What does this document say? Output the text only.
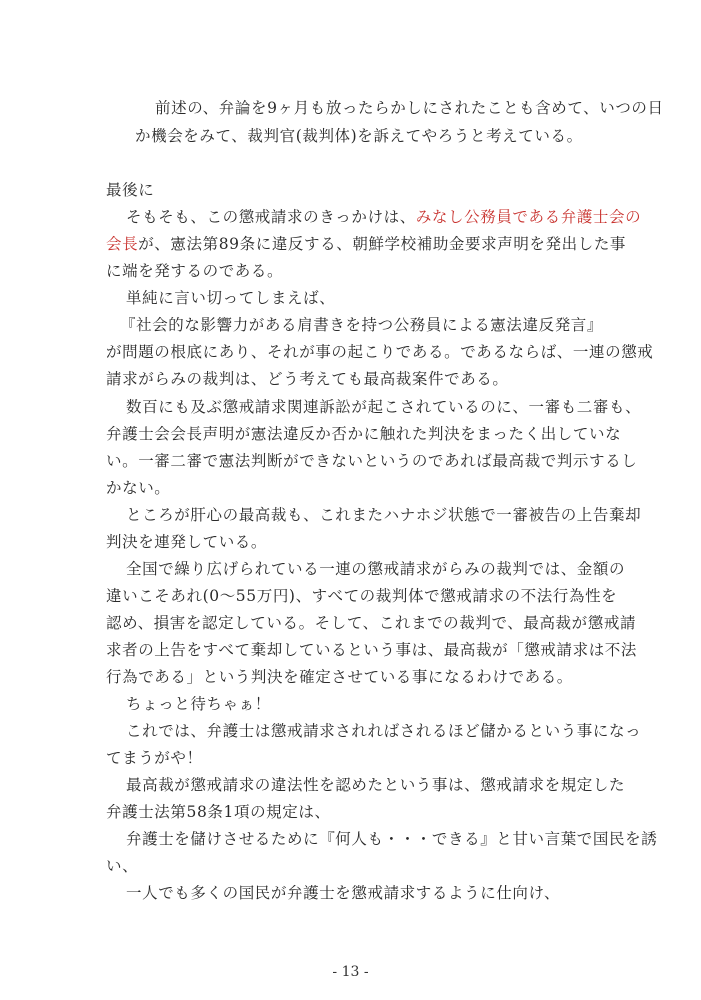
前述の、弁論を9ヶ月も放ったらかしにされたことも含めて、いつの日
か機会をみて、裁判官(裁判体)を訴えてやろうと考えている。
最後に
そもそも、この懲戒請求のきっかけは、みなし公務員である弁護士会の
会長が、憲法第89条に違反する、朝鮮学校補助金要求声明を発出した事
に端を発するのである。
単純に言い切ってしまえば、
『社会的な影響力がある肩書きを持つ公務員による憲法違反発言』
が問題の根底にあり、それが事の起こりである。であるならば、一連の懲戒
請求がらみの裁判は、どう考えても最高裁案件である。
数百にも及ぶ懲戒請求関連訴訟が起こされているのに、一審も二審も、
弁護士会会長声明が憲法違反か否かに触れた判決をまったく出していな
い。一審二審で憲法判断ができないというのであれば最高裁で判示するし
かない。
ところが肝心の最高裁も、これまたハナホジ状態で一審被告の上告棄却
判決を連発している。
全国で繰り広げられている一連の懲戒請求がらみの裁判では、金額の
違いこそあれ(0～55万円)、すべての裁判体で懲戒請求の不法行為性を
認め、損害を認定している。そして、これまでの裁判で、最高裁が懲戒請
求者の上告をすべて棄却しているという事は、最高裁が「懲戒請求は不法
行為である」という判決を確定させている事になるわけである。
ちょっと待ちゃぁ！
これでは、弁護士は懲戒請求されればされるほど儲かるという事になっ
てまうがや！
最高裁が懲戒請求の違法性を認めたという事は、懲戒請求を規定した
弁護士法第58条1項の規定は、
弁護士を儲けさせるために『何人も・・・できる』と甘い言葉で国民を誘
い、
一人でも多くの国民が弁護士を懲戒請求するように仕向け、
- 13 -
